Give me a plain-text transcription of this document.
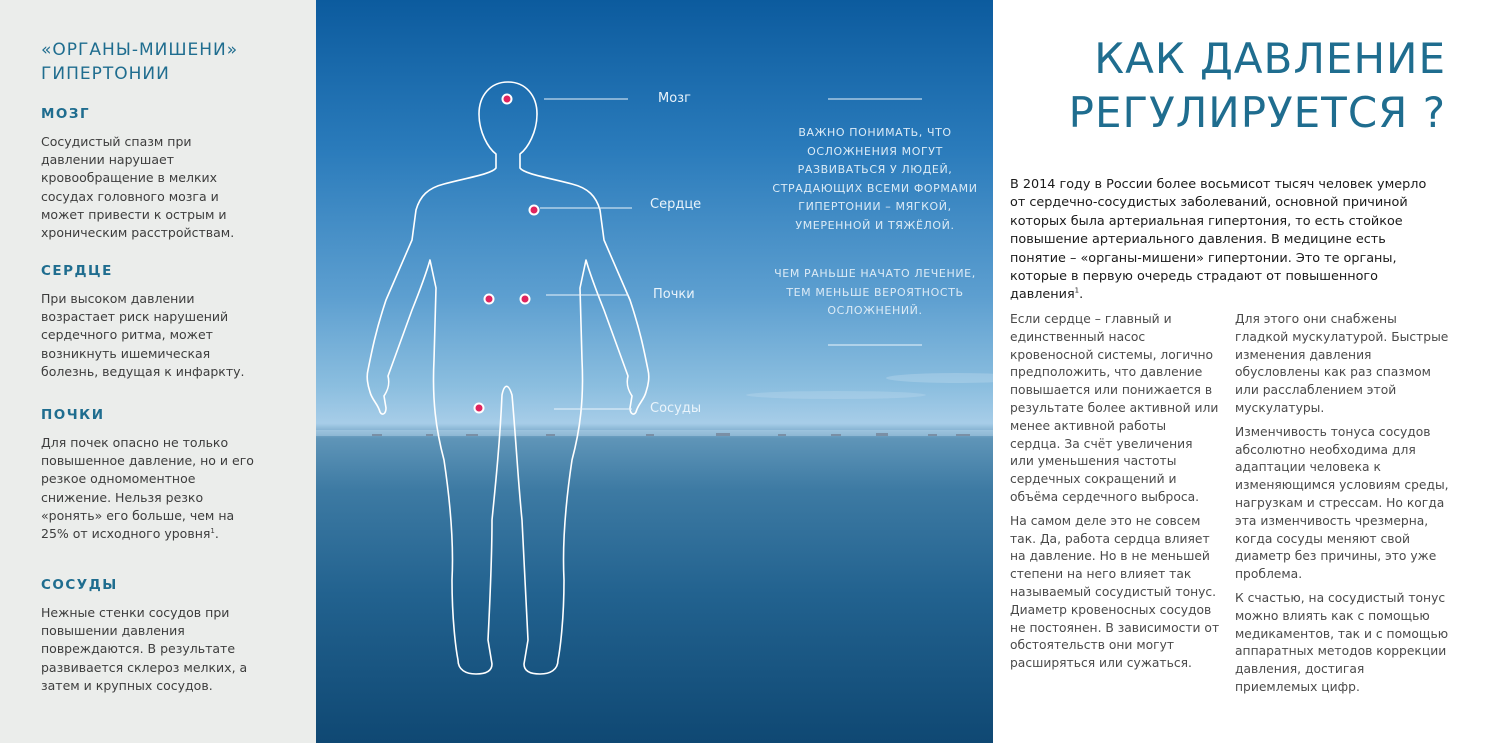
«ОРГАНЫ-МИШЕНИ»
ГИПЕРТОНИИ
МОЗГ

Сосудистый спазм при давлении нарушает кровообращение в мелких сосудах головного мозга и может привести к острым и хроническим расстройствам.

СЕРДЦЕ

При высоком давлении возрастает риск нарушений сердечного ритма, может возникнуть ишемическая болезнь, ведущая к инфаркту.

ПОЧКИ

Для почек опасно не только повышенное давление, но и его резкое одномоментное снижение. Нельзя резко «ронять» его больше, чем на 25% от исходного уровня$^1$.

СОСУДЫ

Нежные стенки сосудов при повышении давления повреждаются. В результате развивается склероз мелких, а затем и крупных сосудов.

Мозг

Сердце

Почки

Сосуды

ВАЖНО ПОНИМАТЬ, ЧТО ОСЛОЖНЕНИЯ МОГУТ РАЗВИВАТЬСЯ У ЛЮДЕЙ, СТРАДАЮЩИХ ВСЕМИ ФОРМАМИ ГИПЕРТОНИИ – МЯГКОЙ, УМЕРЕННОЙ И ТЯЖЁЛОЙ.

ЧЕМ РАНЬШЕ НАЧАТО ЛЕЧЕНИЕ, ТЕМ МЕНЬШЕ ВЕРОЯТНОСТЬ ОСЛОЖНЕНИЙ.

КАК ДАВЛЕНИЕ
РЕГУЛИРУЕТСЯ ?

В 2014 году в России более восьмисот тысяч человек умерло от сердечно-сосудистых заболеваний, основной причиной которых была артериальная гипертония, то есть стойкое повышение артериального давления. В медицине есть понятие – «органы-мишени» гипертонии. Это те органы, которые в первую очередь страдают от повышенного давления$^1$.

Если сердце – главный и единственный насос кровеносной системы, логично предположить, что давление повышается или понижается в результате более активной или менее активной работы сердца. За счёт увеличения или уменьшения частоты сердечных сокращений и объёма сердечного выброса.

На самом деле это не совсем так. Да, работа сердца влияет на давление. Но в не меньшей степени на него влияет так называемый сосудистый тонус. Диаметр кровеносных сосудов не постоянен. В зависимости от обстоятельств они могут расширяться или сужаться.

Для этого они снабжены гладкой мускулатурой. Быстрые изменения давления обусловлены как раз спазмом или расслаблением этой мускулатуры.

Изменчивость тонуса сосудов абсолютно необходима для адаптации человека к изменяющимся условиям среды, нагрузкам и стрессам. Но когда эта изменчивость чрезмерна, когда сосуды меняют свой диаметр без причины, это уже проблема.

К счастью, на сосудистый тонус можно влиять как с помощью медикаментов, так и с помощью аппаратных методов коррекции давления, достигая приемлемых цифр.
